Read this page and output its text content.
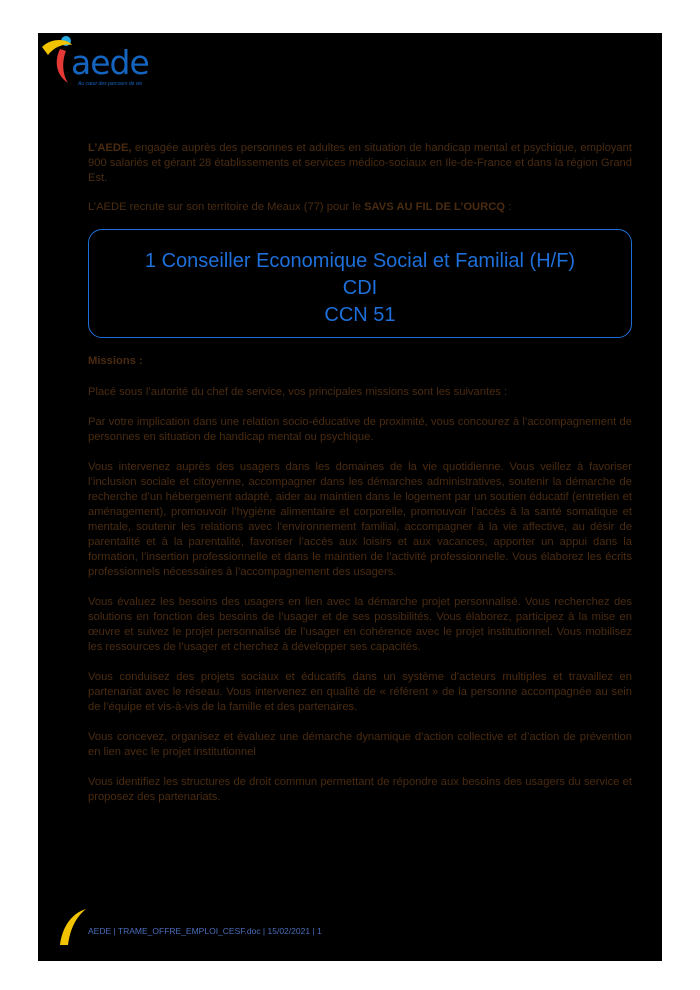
aede
Au cœur des parcours de vie

L’AEDE, engagée auprès des personnes et adultes en situation de handicap mental et psychique, employant 900 salariés et gérant 28 établissements et services médico-sociaux en Ile-de-France et dans la région Grand Est.

L’AEDE recrute sur son territoire de Meaux (77) pour le SAVS AU FIL DE L’OURCQ :

1 Conseiller Economique Social et Familial (H/F)
CDI
CCN 51

Missions :

Placé sous l’autorité du chef de service, vos principales missions sont les suivantes :

Par votre implication dans une relation socio-éducative de proximité, vous concourez à l’accompagnement de personnes en situation de handicap mental ou psychique.

Vous intervenez auprès des usagers dans les domaines de la vie quotidienne. Vous veillez à favoriser l’inclusion sociale et citoyenne, accompagner dans les démarches administratives, soutenir la démarche de recherche d’un hébergement adapté, aider au maintien dans le logement par un soutien éducatif (entretien et aménagement), promouvoir l’hygiène alimentaire et corporelle, promouvoir l’accès à la santé somatique et mentale, soutenir les relations avec l’environnement familial, accompagner à la vie affective, au désir de parentalité et à la parentalité, favoriser l’accès aux loisirs et aux vacances, apporter un appui dans la formation, l’insertion professionnelle et dans le maintien de l’activité professionnelle. Vous élaborez les écrits professionnels nécessaires à l’accompagnement des usagers.

Vous évaluez les besoins des usagers en lien avec la démarche projet personnalisé. Vous recherchez des solutions en fonction des besoins de l’usager et de ses possibilités. Vous élaborez, participez à la mise en œuvre et suivez le projet personnalisé de l’usager en cohérence avec le projet institutionnel. Vous mobilisez les ressources de l’usager et cherchez à développer ses capacités.

Vous conduisez des projets sociaux et éducatifs dans un système d’acteurs multiples et travaillez en partenariat avec le réseau. Vous intervenez en qualité de « référent » de la personne accompagnée au sein de l’équipe et vis-à-vis de la famille et des partenaires.

Vous concevez, organisez et évaluez une démarche dynamique d’action collective et d’action de prévention en lien avec le projet institutionnel

Vous identifiez les structures de droit commun permettant de répondre aux besoins des usagers du service et proposez des partenariats.

AEDE | TRAME_OFFRE_EMPLOI_CESF.doc | 15/02/2021 | 1
